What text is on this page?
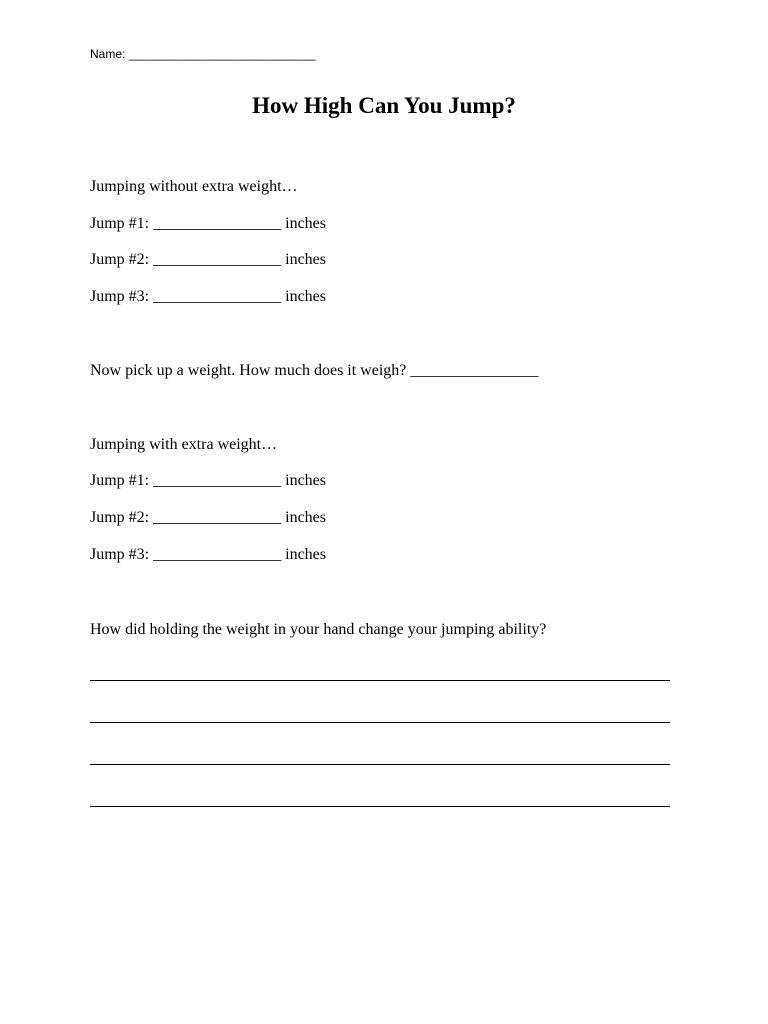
Name: ____________________________
How High Can You Jump?
Jumping without extra weight…
Jump #1: ________________ inches
Jump #2: ________________ inches
Jump #3: ________________ inches
Now pick up a weight. How much does it weigh? ________________
Jumping with extra weight…
Jump #1: ________________ inches
Jump #2: ________________ inches
Jump #3: ________________ inches
How did holding the weight in your hand change your jumping ability?
